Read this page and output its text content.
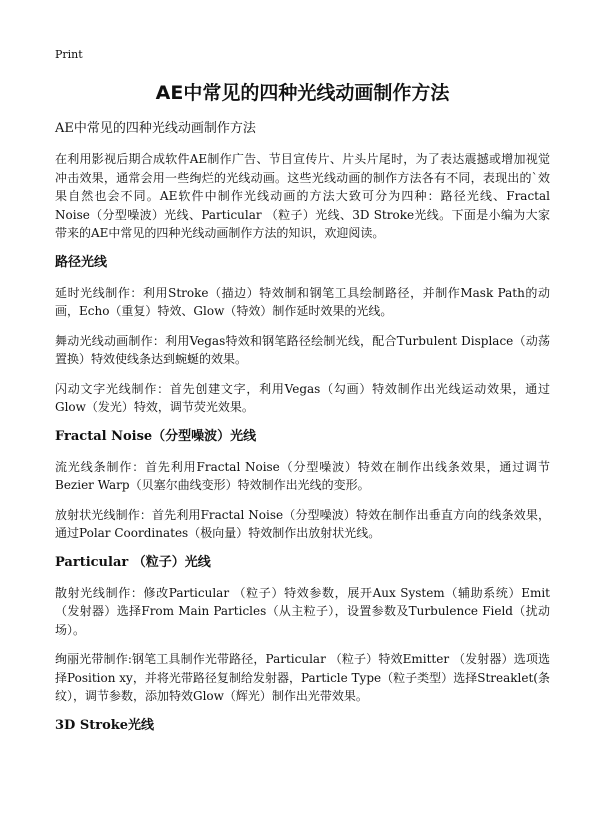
Print
AE中常见的四种光线动画制作方法
AE中常见的四种光线动画制作方法

在利用影视后期合成软件AE制作广告、节目宣传片、片头片尾时，为了表达震撼或增加视觉冲击效果，通常会用一些绚烂的光线动画。这些光线动画的制作方法各有不同，表现出的`效果自然也会不同。AE软件中制作光线动画的方法大致可分为四种：路径光线、Fractal Noise（分型噪波）光线、Particular （粒子）光线、3D Stroke光线。下面是小编为大家带来的AE中常见的四种光线动画制作方法的知识，欢迎阅读。

路径光线

延时光线制作：利用Stroke（描边）特效制和钢笔工具绘制路径，并制作Mask Path的动画，Echo（重复）特效、Glow（特效）制作延时效果的光线。

舞动光线动画制作：利用Vegas特效和钢笔路径绘制光线，配合Turbulent Displace（动荡置换）特效使线条达到蜿蜒的效果。

闪动文字光线制作：首先创建文字，利用Vegas（勾画）特效制作出光线运动效果，通过Glow（发光）特效，调节荧光效果。

Fractal Noise（分型噪波）光线

流光线条制作：首先利用Fractal Noise（分型噪波）特效在制作出线条效果，通过调节Bezier Warp（贝塞尔曲线变形）特效制作出光线的变形。

放射状光线制作：首先利用Fractal Noise（分型噪波）特效在制作出垂直方向的线条效果，通过Polar Coordinates（极向量）特效制作出放射状光线。

Particular （粒子）光线

散射光线制作：修改Particular （粒子）特效参数，展开Aux System（辅助系统）Emit（发射器）选择From Main Particles（从主粒子），设置参数及Turbulence Field（扰动场）。

绚丽光带制作:钢笔工具制作光带路径，Particular （粒子）特效Emitter （发射器）选项选择Position xy，并将光带路径复制给发射器，Particle Type（粒子类型）选择Streaklet(条纹），调节参数，添加特效Glow（辉光）制作出光带效果。

3D Stroke光线
